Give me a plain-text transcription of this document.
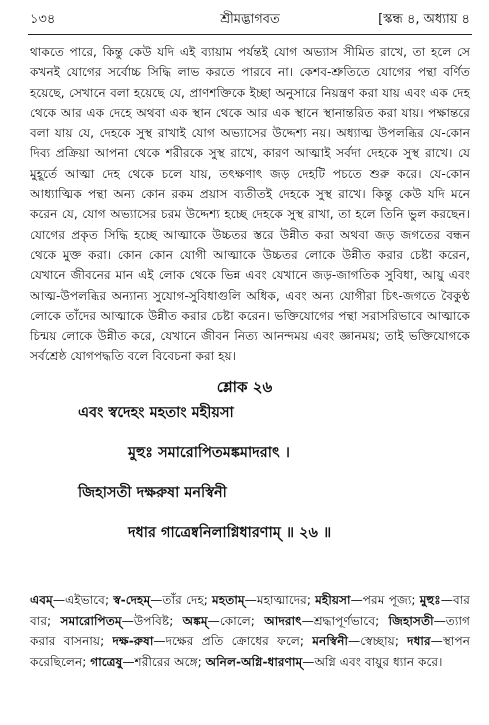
১৩৪	শ্রীমদ্ভাগবত	[স্কন্ধ ৪, অধ্যায় ৪

থাকতে পারে, কিন্তু কেউ যদি এই ব্যায়াম পর্যন্তই যোগ অভ্যাস সীমিত রাখে, তা হলে সে কখনই যোগের সর্বোচ্চ সিদ্ধি লাভ করতে পারবে না। কেশব-শ্রুতিতে যোগের পন্থা বর্ণিত হয়েছে, সেখানে বলা হয়েছে যে, প্রাণশক্তিকে ইচ্ছা অনুসারে নিয়ন্ত্রণ করা যায় এবং এক দেহ থেকে আর এক দেহে অথবা এক স্থান থেকে আর এক স্থানে স্থানান্তরিত করা যায়। পক্ষান্তরে বলা যায় যে, দেহকে সুস্থ রাখাই যোগ অভ্যাসের উদ্দেশ্য নয়। অধ্যাত্ম উপলব্ধির যে-কোন দিব্য প্রক্রিয়া আপনা থেকে শরীরকে সুস্থ রাখে, কারণ আত্মাই সর্বদা দেহকে সুস্থ রাখে। যে মুহূর্তে আত্মা দেহ থেকে চলে যায়, তৎক্ষণাৎ জড় দেহটি পচতে শুরু করে। যে-কোন আধ্যাত্মিক পন্থা অন্য কোন রকম প্রয়াস ব্যতীতই দেহকে সুস্থ রাখে। কিন্তু কেউ যদি মনে করেন যে, যোগ অভ্যাসের চরম উদ্দেশ্য হচ্ছে দেহকে সুস্থ রাখা, তা হলে তিনি ভুল করছেন। যোগের প্রকৃত সিদ্ধি হচ্ছে আত্মাকে উচ্চতর স্তরে উন্নীত করা অথবা জড় জগতের বন্ধন থেকে মুক্ত করা। কোন কোন যোগী আত্মাকে উচ্চতর লোকে উন্নীত করার চেষ্টা করেন, যেখানে জীবনের মান এই লোক থেকে ভিন্ন এবং যেখানে জড়-জাগতিক সুবিধা, আয়ু এবং আত্ম-উপলব্ধির অন্যান্য সুযোগ-সুবিধাগুলি অধিক, এবং অন্য যোগীরা চিৎ-জগতে বৈকুণ্ঠ লোকে তাঁদের আত্মাকে উন্নীত করার চেষ্টা করেন। ভক্তিযোগের পন্থা সরাসরিভাবে আত্মাকে চিন্ময় লোকে উন্নীত করে, যেখানে জীবন নিত্য আনন্দময় এবং জ্ঞানময়; তাই ভক্তিযোগকে সর্বশ্রেষ্ঠ যোগপদ্ধতি বলে বিবেচনা করা হয়।

শ্লোক ২৬
এবং স্বদেহং মহতাং মহীয়সা
মুহুঃ সমারোপিতমঙ্কমাদরাৎ ।
জিহাসতী দক্ষরুষা মনস্বিনী
দধার গাত্রেষ্বনিলাগ্নিধারণাম্ ॥ ২৬ ॥

এবম্—এইভাবে; স্ব-দেহম্—তাঁর দেহ; মহতাম্—মহাত্মাদের; মহীয়সা—পরম পূজ্য; মুহুঃ—বার বার; সমারোপিতম্—উপবিষ্ট; অঙ্কম্—কোলে; আদরাৎ—শ্রদ্ধাপূর্ণভাবে; জিহাসতী—ত্যাগ করার বাসনায়; দক্ষ-রুষা—দক্ষের প্রতি ক্রোধের ফলে; মনস্বিনী—স্বেচ্ছায়; দধার—স্থাপন করেছিলেন; গাত্রেষু—শরীরের অঙ্গে; অনিল-অগ্নি-ধারণাম্—অগ্নি এবং বায়ুর ধ্যান করে।
